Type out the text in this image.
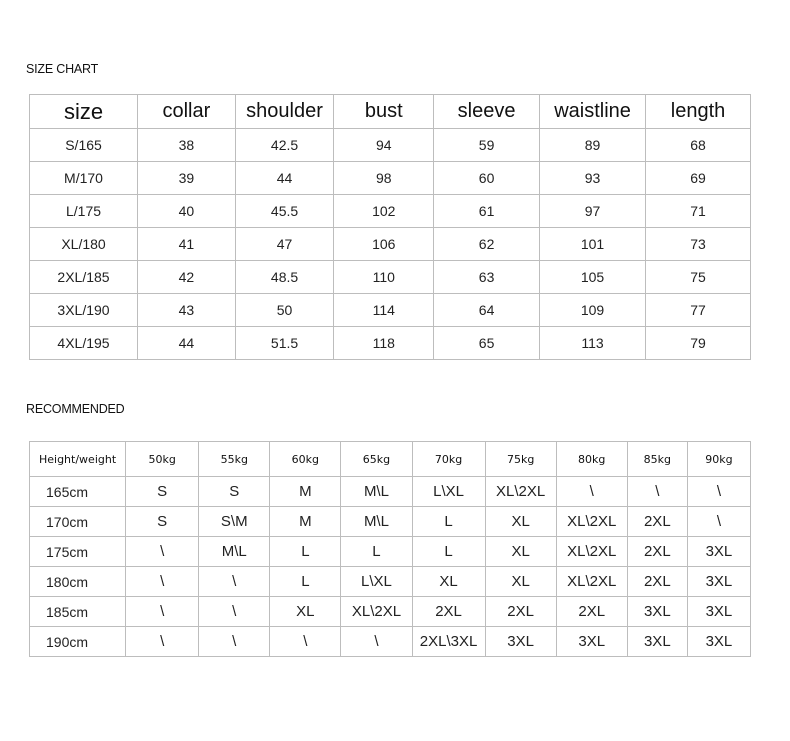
SIZE CHART
size	collar	shoulder	bust	sleeve	waistline	length
S/165	38	42.5	94	59	89	68
M/170	39	44	98	60	93	69
L/175	40	45.5	102	61	97	71
XL/180	41	47	106	62	101	73
2XL/185	42	48.5	110	63	105	75
3XL/190	43	50	114	64	109	77
4XL/195	44	51.5	118	65	113	79
RECOMMENDED
Height/weight	50kg	55kg	60kg	65kg	70kg	75kg	80kg	85kg	90kg
165cm	S	S	M	M\L	L\XL	XL\2XL	\	\	\
170cm	S	S\M	M	M\L	L	XL	XL\2XL	2XL	\
175cm	\	M\L	L	L	L	XL	XL\2XL	2XL	3XL
180cm	\	\	L	L\XL	XL	XL	XL\2XL	2XL	3XL
185cm	\	\	XL	XL\2XL	2XL	2XL	2XL	3XL	3XL
190cm	\	\	\	\	2XL\3XL	3XL	3XL	3XL	3XL
